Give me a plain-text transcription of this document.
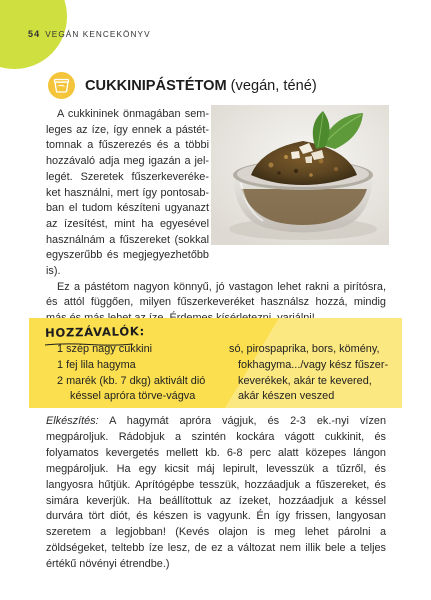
54 VEGÁN KENCEKÖNYV
CUKKINIPÁSTÉTOM (vegán, téné)

A cukkininek önmagában sem- leges az íze, így ennek a pástét- tomnak a fűszerezés és a többi hozzávaló adja meg igazán a jel- legét. Szeretek fűszerkeveréke- ket használni, mert így pontosab- ban el tudom készíteni ugyanazt az ízesítést, mint ha egyesével használnám a fűszereket (sokkal egyszerűbb és megjegyezhetőbb is).

Ez a pástétom nagyon könnyű, jó vastagon lehet rakni a pirítósra, és attól függően, milyen fűszerkeveréket használsz hozzá, mindig

HOZZÁVALÓK:
1 szép nagy cukkini
1 fej lila hagyma
2 marék (kb. 7 dkg) aktivált dió
késsel apróra törve-vágva
só, pirospaprika, bors, kömény,
fokhagyma.../vagy kész fűszer-
keverékek, akár te kevered,
akár készen veszed
Elkészítés: A hagymát apróra vágjuk, és 2-3 ek.-nyi vízen megpároljuk. Rádobjuk a szintén kockára vágott cukkinit, és folyamatos kevergetés mellett kb. 6-8 perc alatt közepes lángon megpároljuk. Ha egy kicsit máj lepirult, levesszük a tűzről, és langyosra hűtjük. Aprítógépbe tesszük, hozzáadjuk a fűszereket, és simára keverjük. Ha beállítottuk az ízeket, hozzáadjuk a késsel durvára tört diót, és készen is vagyunk. Én így frissen, langyosan szeretem a legjobban! (Kevés olajon is meg lehet párolni a zöldségeket, teltebb íze lesz, de ez a változat nem illik bele a teljes értékű növényi étrendbe.)
